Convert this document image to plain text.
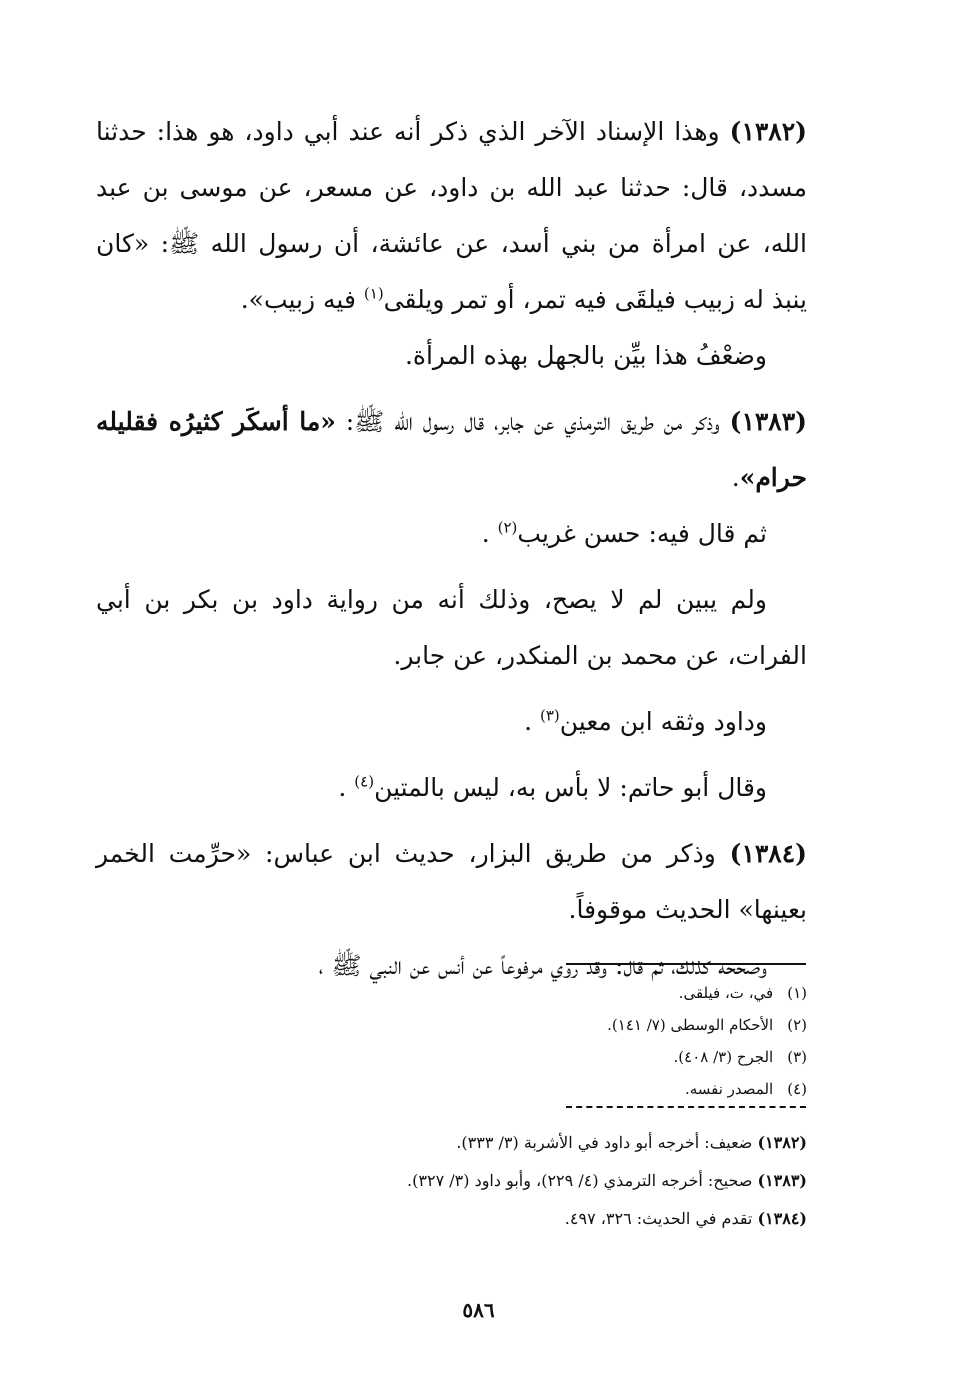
(١٣٨٢) وهذا الإسناد الآخر الذي ذكر أنه عند أبي داود، هو هذا: حدثنا مسدد، قال: حدثنا عبد الله بن داود، عن مسعر، عن موسى بن عبد الله، عن امرأة من بني أسد، عن عائشة، أن رسول الله ﷺ: «كان ينبذ له زبيب فيلقَى فيه تمر، أو تمر ويلقى$^{(١)}$ فيه زبيب».

وضعْفُ هذا بيِّن بالجهل بهذه المرأة.

(١٣٨٣) وذكر من طريق الترمذي عن جابر، قال رسول الله ﷺ: «ما أسكَر كثيرُه فقليله حرام».

ثم قال فيه: حسن غريب$^{(٢)}$ .

ولم يبين لم لا يصح، وذلك أنه من رواية داود بن بكر بن أبي الفرات، عن محمد بن المنكدر، عن جابر.

وداود وثقه ابن معين$^{(٣)}$ .

وقال أبو حاتم: لا بأس به، ليس بالمتين$^{(٤)}$ .

(١٣٨٤) وذكر من طريق البزار، حديث ابن عباس: «حرِّمت الخمر بعينها» الحديث موقوفاً.

وصححه كذلك، ثم قال: وقد روي مرفوعاً عن أنس عن النبي ﷺ ،

(١)في، ت، فيلقى.
(٢)الأحكام الوسطى (٧/ ١٤١).
(٣)الجرح (٣/ ٤٠٨).
(٤)المصدر نفسه.
(١٣٨٢) ضعيف: أخرجه أبو داود في الأشربة (٣/ ٣٣٣).
(١٣٨٣) صحيح: أخرجه الترمذي (٤/ ٢٢٩)، وأبو داود (٣/ ٣٢٧).
(١٣٨٤) تقدم في الحديث: ٣٢٦، ٤٩٧.
٥٨٦
